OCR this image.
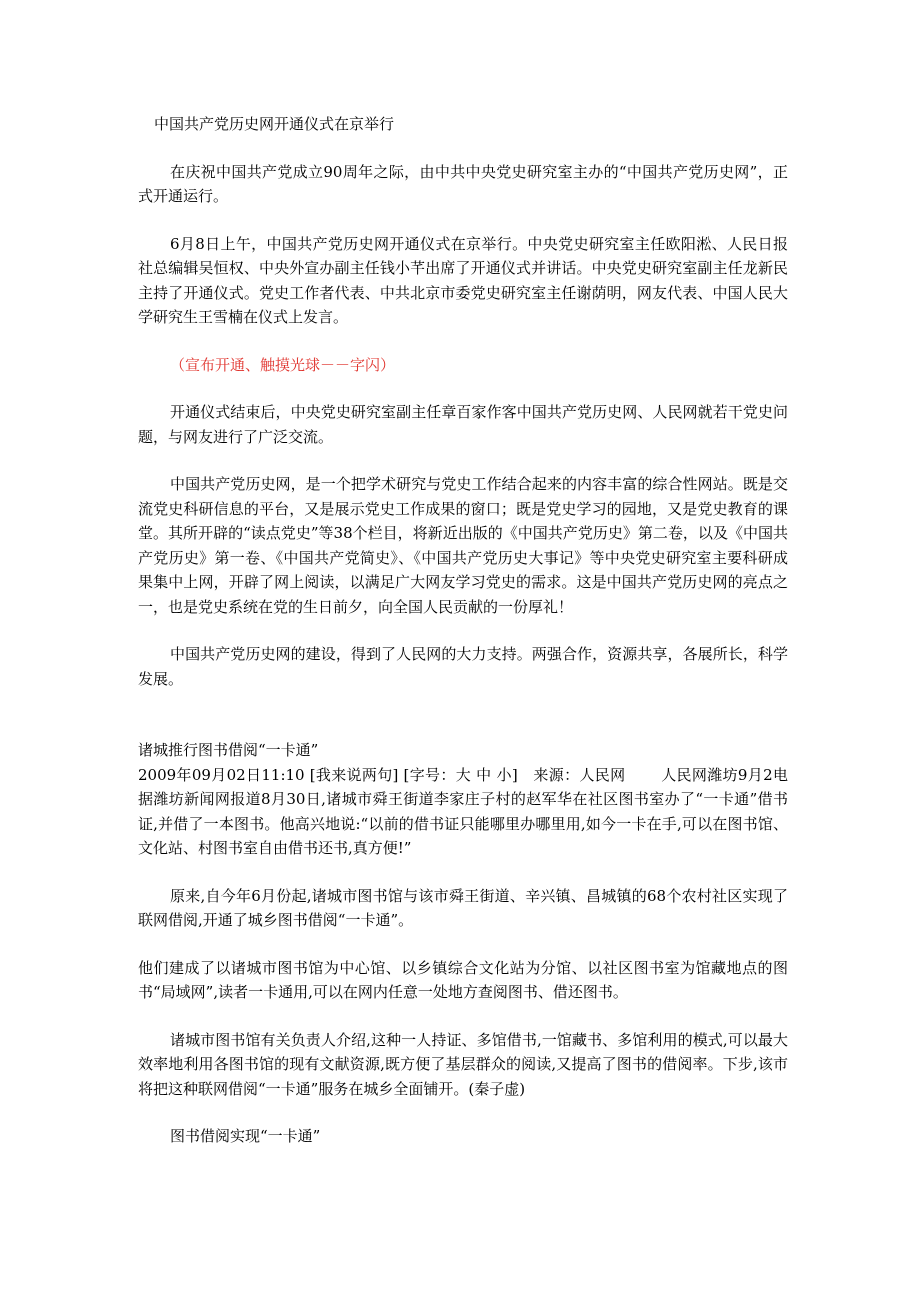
中国共产党历史网开通仪式在京举行

在庆祝中国共产党成立90周年之际，由中共中央党史研究室主办的“中国共产党历史网”，正式开通运行。

6月8日上午，中国共产党历史网开通仪式在京举行。中央党史研究室主任欧阳淞、人民日报社总编辑吴恒权、中央外宣办副主任钱小芊出席了开通仪式并讲话。中央党史研究室副主任龙新民主持了开通仪式。党史工作者代表、中共北京市委党史研究室主任谢荫明，网友代表、中国人民大学研究生王雪楠在仪式上发言。

（宣布开通、触摸光球－－字闪）

开通仪式结束后，中央党史研究室副主任章百家作客中国共产党历史网、人民网就若干党史问题，与网友进行了广泛交流。

中国共产党历史网，是一个把学术研究与党史工作结合起来的内容丰富的综合性网站。既是交流党史科研信息的平台，又是展示党史工作成果的窗口；既是党史学习的园地，又是党史教育的课堂。其所开辟的“读点党史”等38个栏目，将新近出版的《中国共产党历史》第二卷，以及《中国共产党历史》第一卷、《中国共产党简史》、《中国共产党历史大事记》等中央党史研究室主要科研成果集中上网，开辟了网上阅读，以满足广大网友学习党史的需求。这是中国共产党历史网的亮点之一，也是党史系统在党的生日前夕，向全国人民贡献的一份厚礼！

中国共产党历史网的建设，得到了人民网的大力支持。两强合作，资源共享，各展所长，科学发展。

诸城推行图书借阅“一卡通”

2009年09月02日11:10 [我来说两句] [字号：大 中 小]　来源：人民网　　 人民网潍坊9月2电据潍坊新闻网报道8月30日,诸城市舜王街道李家庄子村的赵军华在社区图书室办了“一卡通”借书证,并借了一本图书。他高兴地说:“以前的借书证只能哪里办哪里用,如今一卡在手,可以在图书馆、文化站、村图书室自由借书还书,真方便!”

原来,自今年6月份起,诸城市图书馆与该市舜王街道、辛兴镇、昌城镇的68个农村社区实现了联网借阅,开通了城乡图书借阅“一卡通”。

他们建成了以诸城市图书馆为中心馆、以乡镇综合文化站为分馆、以社区图书室为馆藏地点的图书“局域网”,读者一卡通用,可以在网内任意一处地方查阅图书、借还图书。

诸城市图书馆有关负责人介绍,这种一人持证、多馆借书,一馆藏书、多馆利用的模式,可以最大效率地利用各图书馆的现有文献资源,既方便了基层群众的阅读,又提高了图书的借阅率。下步,该市将把这种联网借阅“一卡通”服务在城乡全面铺开。(秦子虚)

图书借阅实现“一卡通”
